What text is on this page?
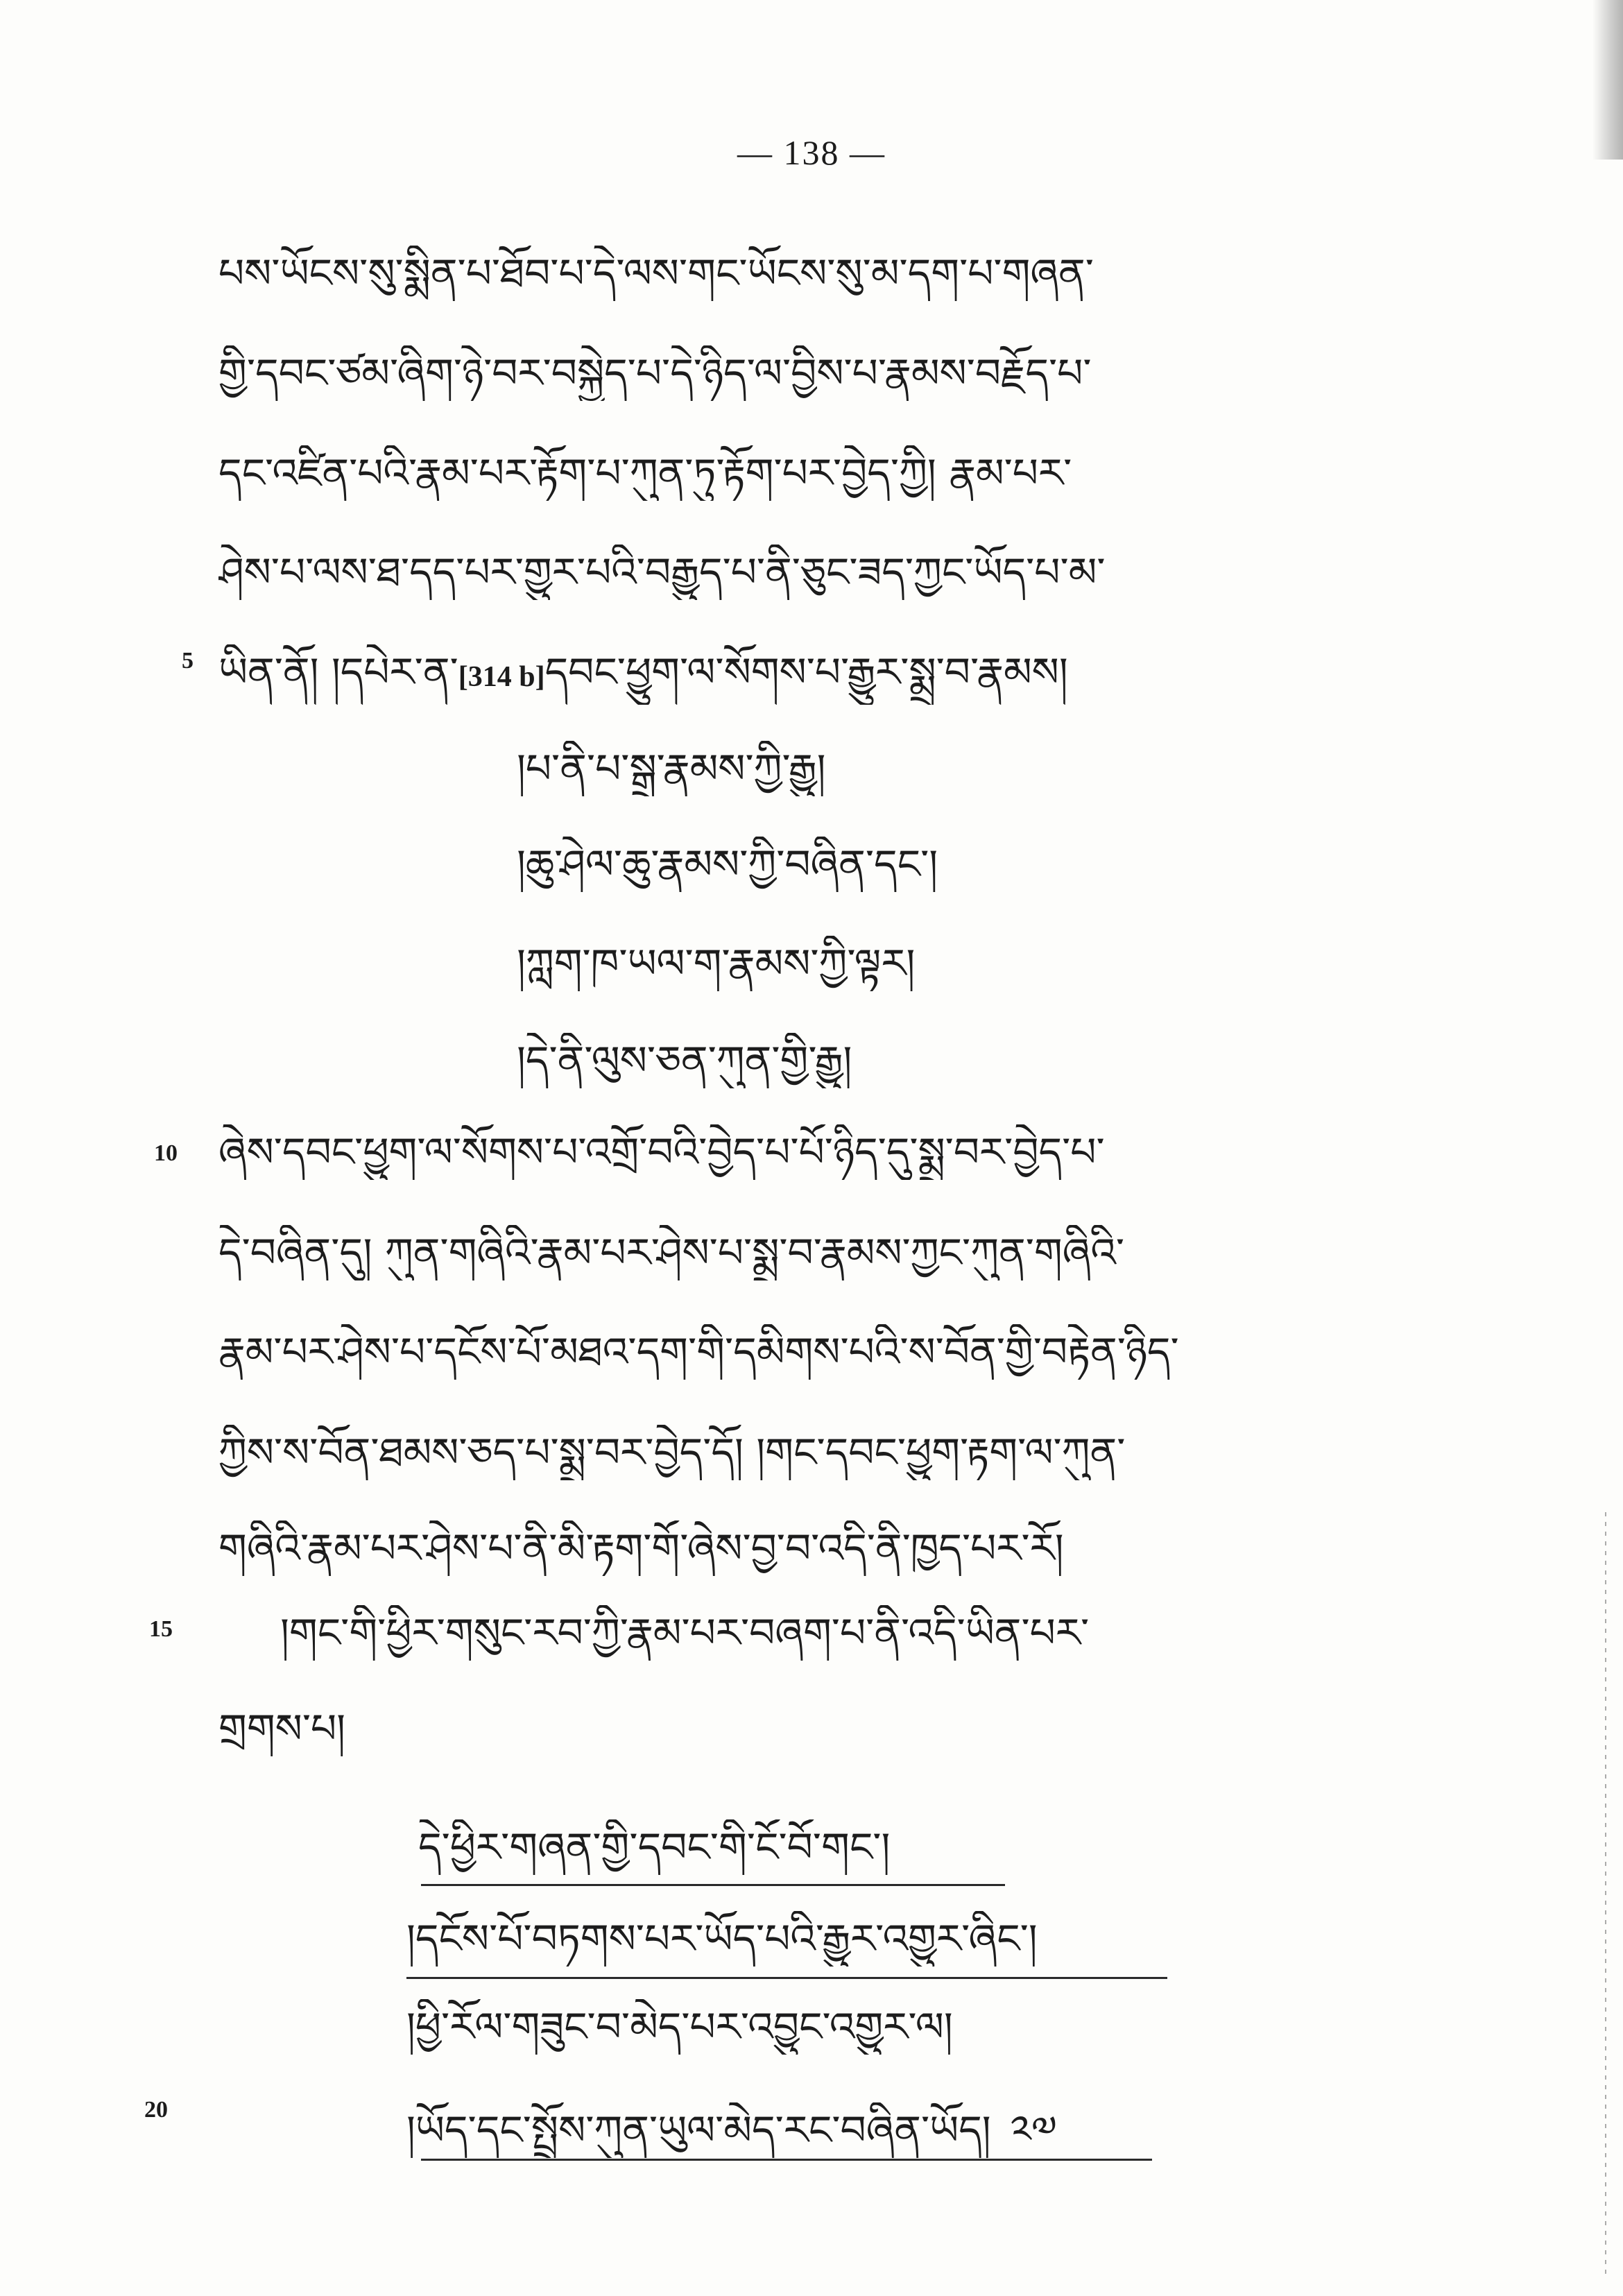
— 138 —
པས་ཡོངས་སུ་སྨིན་པ་ཐོབ་པ་དེ་ལས་གང་ཡོངས་སུ་མ་དག་པ་གཞན་
གྱི་དབང་ཙམ་ཞིག་ཉེ་བར་བསྐྱེད་པ་དེ་ཉིད་ལ་བྱིས་པ་རྣམས་བརྗོད་པ་
དང་འཛིན་པའི་རྣམ་པར་རྟོག་པ་ཀུན་ཏུ་རྟོག་པར་བྱེད་ཀྱི། རྣམ་པར་
ཤེས་པ་ལས་ཐ་དད་པར་གྱུར་པའི་བརྒྱུད་པ་ནི་ཅུང་ཟད་ཀྱང་ཡོད་པ་མ་
5 ཡིན་ནོ། །དཔེར་ན་[314 b]དབང་ཕྱུག་ལ་སོགས་པ་རྒྱུར་སྨྲ་བ་རྣམས།
།པ་ནི་པ་སྒྲ་རྣམས་ཀྱི་རྒྱུ།
།ཆུ་ཤེལ་ཆུ་རྣམས་ཀྱི་བཞིན་དང་།
།ཀླག་ཁ་ཡལ་ག་རྣམས་ཀྱི་ལྟར།
།དེ་ནི་ལུས་ཅན་ཀུན་གྱི་རྒྱུ།
10 ཞེས་དབང་ཕྱུག་ལ་སོགས་པ་འགྲོ་བའི་བྱེད་པ་པོ་ཉིད་དུ་སྨྲ་བར་བྱེད་པ་
དེ་བཞིན་དུ། ཀུན་གཞིའི་རྣམ་པར་ཤེས་པ་སྨྲ་བ་རྣམས་ཀྱང་ཀུན་གཞིའི་
རྣམ་པར་ཤེས་པ་དངོས་པོ་མཐའ་དག་གི་དམིགས་པའི་ས་བོན་གྱི་བརྟེན་ཉིད་
ཀྱིས་ས་བོན་ཐམས་ཅད་པ་སྨྲ་བར་བྱེད་དོ། །གང་དབང་ཕྱུག་རྟག་ལ་ཀུན་
གཞིའི་རྣམ་པར་ཤེས་པ་ནི་མི་རྟག་གོ་ཞེས་བྱ་བ་འདི་ནི་ཁྱད་པར་རོ།
15	།གང་གི་ཕྱིར་གསུང་རབ་ཀྱི་རྣམ་པར་བཞག་པ་ནི་འདི་ཡིན་པར་
གྲགས་པ།
དེ་ཕྱིར་གཞན་གྱི་དབང་གི་ངོ་བོ་གང་།
།དངོས་པོ་བཏགས་པར་ཡོད་པའི་རྒྱུར་འགྱུར་ཞིང་།
།ཕྱི་རོལ་གཟུང་བ་མེད་པར་འབྱུང་འགྱུར་ལ།
20	།ཡོད་དང་སྤྲོས་ཀུན་ཡུལ་མེད་རང་བཞིན་ཡོད། ༢༧
